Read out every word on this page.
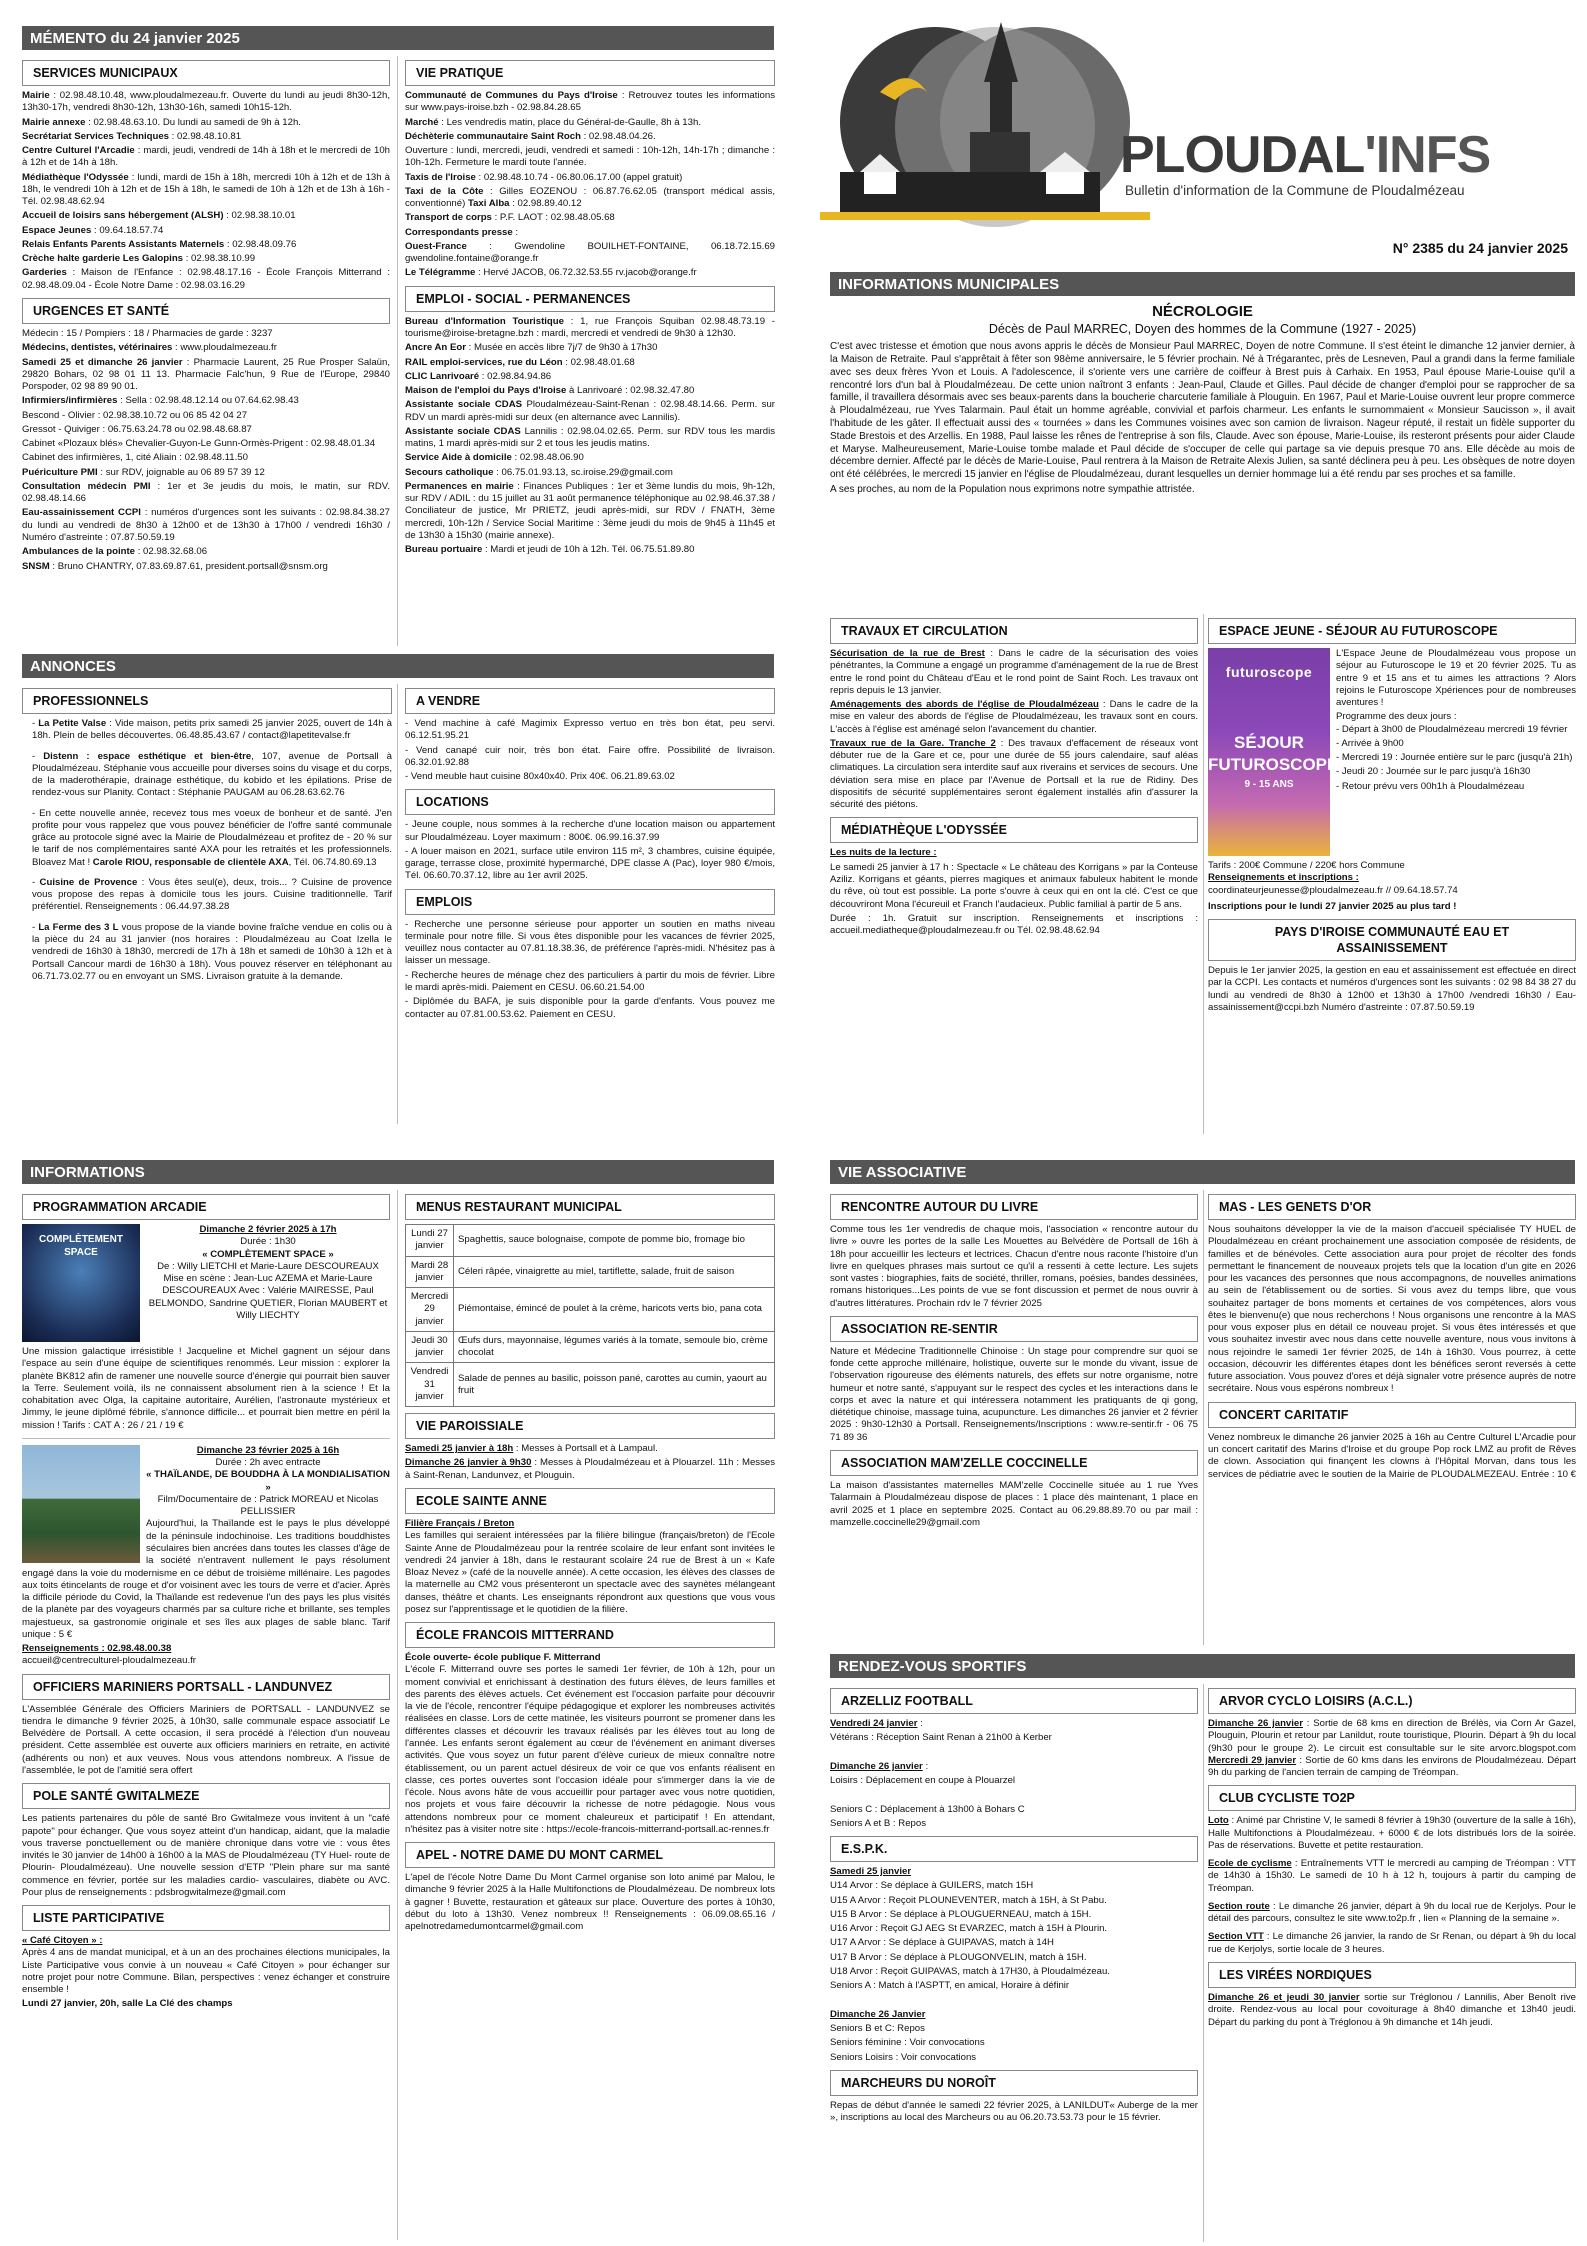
MÉMENTO du 24 janvier 2025
SERVICES MUNICIPAUX
Mairie : 02.98.48.10.48, www.ploudalmezeau.fr. Ouverte du lundi au jeudi 8h30-12h, 13h30-17h, vendredi 8h30-12h, 13h30-16h, samedi 10h15-12h.
Mairie annexe : 02.98.48.63.10. Du lundi au samedi de 9h à 12h.
Secrétariat Services Techniques : 02.98.48.10.81
Centre Culturel l'Arcadie : mardi, jeudi, vendredi de 14h à 18h et le mercredi de 10h à 12h et de 14h à 18h.
Médiathèque l'Odyssée : lundi, mardi de 15h à 18h, mercredi 10h à 12h et de 13h à 18h, le vendredi 10h à 12h et de 15h à 18h, le samedi de 10h à 12h et de 13h à 16h - Tél. 02.98.48.62.94
Accueil de loisirs sans hébergement (ALSH) : 02.98.38.10.01
Espace Jeunes : 09.64.18.57.74
Relais Enfants Parents Assistants Maternels : 02.98.48.09.76
Crèche halte garderie Les Galopins : 02.98.38.10.99
Garderies : Maison de l'Enfance : 02.98.48.17.16 - École François Mitterrand : 02.98.48.09.04 - École Notre Dame : 02.98.03.16.29
URGENCES ET SANTÉ
Médecin : 15 / Pompiers : 18 / Pharmacies de garde : 3237
Médecins, dentistes, vétérinaires : www.ploudalmezeau.fr
Samedi 25 et dimanche 26 janvier : Pharmacie Laurent, 25 Rue Prosper Salaün, 29820 Bohars, 02 98 01 11 13. Pharmacie Falc'hun, 9 Rue de l'Europe, 29840 Porspoder, 02 98 89 90 01.
Infirmiers/infirmières : Sella : 02.98.48.12.14 ou 07.64.62.98.43
Bescond - Olivier : 02.98.38.10.72 ou 06 85 42 04 27
Gressot - Quiviger : 06.75.63.24.78 ou 02.98.48.68.87
Cabinet «Plozaux blés» Chevalier-Guyon-Le Gunn-Ormès-Prigent : 02.98.48.01.34
Cabinet des infirmières, 1, cité Aliain : 02.98.48.11.50
Puériculture PMI : sur RDV, joignable au 06 89 57 39 12
Consultation médecin PMI : 1er et 3e jeudis du mois, le matin, sur RDV. 02.98.48.14.66
Eau-assainissement CCPI : numéros d'urgences sont les suivants : 02.98.84.38.27 du lundi au vendredi de 8h30 à 12h00 et de 13h30 à 17h00 / vendredi 16h30 / Numéro d'astreinte : 07.87.50.59.19
Ambulances de la pointe : 02.98.32.68.06
SNSM : Bruno CHANTRY, 07.83.69.87.61, president.portsall@snsm.org
VIE PRATIQUE
Communauté de Communes du Pays d'Iroise : Retrouvez toutes les informations sur www.pays-iroise.bzh - 02.98.84.28.65
Marché : Les vendredis matin, place du Général-de-Gaulle, 8h à 13h.
Déchèterie communautaire Saint Roch : 02.98.48.04.26.
Ouverture : lundi, mercredi, jeudi, vendredi et samedi : 10h-12h, 14h-17h ; dimanche : 10h-12h. Fermeture le mardi toute l'année.
Taxis de l'Iroise : 02.98.48.10.74 - 06.80.06.17.00 (appel gratuit)
Taxi de la Côte : Gilles EOZENOU : 06.87.76.62.05 (transport médical assis, conventionné) Taxi Alba : 02.98.89.40.12
Transport de corps : P.F. LAOT : 02.98.48.05.68
Correspondants presse :
Ouest-France : Gwendoline BOUILHET-FONTAINE, 06.18.72.15.69 gwendoline.fontaine@orange.fr
Le Télégramme : Hervé JACOB, 06.72.32.53.55 rv.jacob@orange.fr
EMPLOI - SOCIAL - PERMANENCES
Bureau d'Information Touristique : 1, rue François Squiban 02.98.48.73.19 - tourisme@iroise-bretagne.bzh : mardi, mercredi et vendredi de 9h30 à 12h30.
Ancre An Eor : Musée en accès libre 7j/7 de 9h30 à 17h30
RAIL emploi-services, rue du Léon : 02.98.48.01.68
CLIC Lanrivoaré : 02.98.84.94.86
Maison de l'emploi du Pays d'Iroise à Lanrivoaré : 02.98.32.47.80
Assistante sociale CDAS Ploudalmézeau-Saint-Renan : 02.98.48.14.66. Perm. sur RDV un mardi après-midi sur deux (en alternance avec Lannilis).
Assistante sociale CDAS Lannilis : 02.98.04.02.65. Perm. sur RDV tous les mardis matins, 1 mardi après-midi sur 2 et tous les jeudis matins.
Service Aide à domicile : 02.98.48.06.90
Secours catholique : 06.75.01.93.13, sc.iroise.29@gmail.com
Permanences en mairie : Finances Publiques : 1er et 3ème lundis du mois, 9h-12h, sur RDV / ADIL : du 15 juillet au 31 août permanence téléphonique au 02.98.46.37.38 / Conciliateur de justice, Mr PRIETZ, jeudi après-midi, sur RDV / FNATH, 3ème mercredi, 10h-12h / Service Social Maritime : 3ème jeudi du mois de 9h45 à 11h45 et de 13h30 à 15h30 (mairie annexe).
Bureau portuaire : Mardi et jeudi de 10h à 12h. Tél. 06.75.51.89.80
ANNONCES
PROFESSIONNELS
- La Petite Valse : Vide maison, petits prix samedi 25 janvier 2025, ouvert de 14h à 18h. Plein de belles découvertes. 06.48.85.43.67 / contact@lapetitevalse.fr
- Distenn : espace esthétique et bien-être, 107, avenue de Portsall à Ploudalmézeau. Stéphanie vous accueille pour diverses soins du visage et du corps, de la maderothérapie, drainage esthétique, du kobido et les épilations. Prise de rendez-vous sur Planity. Contact : Stéphanie PAUGAM au 06.28.63.62.76
- En cette nouvelle année, recevez tous mes voeux de bonheur et de santé. J'en profite pour vous rappelez que vous pouvez bénéficier de l'offre santé communale grâce au protocole signé avec la Mairie de Ploudalmézeau et profitez de - 20 % sur le tarif de nos complémentaires santé AXA pour les retraités et les professionnels. Bloavez Mat ! Carole RIOU, responsable de clientèle AXA, Tél. 06.74.80.69.13
- Cuisine de Provence : Vous êtes seul(e), deux, trois... ? Cuisine de provence vous propose des repas à domicile tous les jours. Cuisine traditionnelle. Tarif préférentiel. Renseignements : 06.44.97.38.28
- La Ferme des 3 L vous propose de la viande bovine fraîche vendue en colis ou à la pièce du 24 au 31 janvier (nos horaires : Ploudalmézeau au Coat Izella le vendredi de 16h30 à 18h30, mercredi de 17h à 18h et samedi de 10h30 à 12h et à Portsall Cancour mardi de 16h30 à 18h). Vous pouvez réserver en téléphonant au 06.71.73.02.77 ou en envoyant un SMS. Livraison gratuite à la demande.
A VENDRE
- Vend machine à café Magimix Expresso vertuo en très bon état, peu servi. 06.12.51.95.21
- Vend canapé cuir noir, très bon état. Faire offre. Possibilité de livraison. 06.32.01.92.88
- Vend meuble haut cuisine 80x40x40. Prix 40€. 06.21.89.63.02
LOCATIONS
- Jeune couple, nous sommes à la recherche d'une location maison ou appartement sur Ploudalmézeau. Loyer maximum : 800€. 06.99.16.37.99
- A louer maison en 2021, surface utile environ 115 m², 3 chambres, cuisine équipée, garage, terrasse close, proximité hypermarché, DPE classe A (Pac), loyer 980 €/mois, Tél. 06.60.70.37.12, libre au 1er avril 2025.
EMPLOIS
- Recherche une personne sérieuse pour apporter un soutien en maths niveau terminale pour notre fille. Si vous êtes disponible pour les vacances de février 2025, veuillez nous contacter au 07.81.18.38.36, de préférence l'après-midi. N'hésitez pas à laisser un message.
- Recherche heures de ménage chez des particuliers à partir du mois de février. Libre le mardi après-midi. Paiement en CESU. 06.60.21.54.00
- Diplômée du BAFA, je suis disponible pour la garde d'enfants. Vous pouvez me contacter au 07.81.00.53.62. Paiement en CESU.
PLOUDAL'INFS
Bulletin d'information de la Commune de Ploudalmézeau
N° 2385 du 24 janvier 2025
INFORMATIONS MUNICIPALES
NÉCROLOGIE
Décès de Paul MARREC, Doyen des hommes de la Commune (1927 - 2025)
C'est avec tristesse et émotion que nous avons appris le décès de Monsieur Paul MARREC, Doyen de notre Commune. Il s'est éteint le dimanche 12 janvier dernier, à la Maison de Retraite. Paul s'apprêtait à fêter son 98ème anniversaire, le 5 février prochain. Né à Trégarantec, près de Lesneven, Paul a grandi dans la ferme familiale avec ses deux frères Yvon et Louis. A l'adolescence, il s'oriente vers une carrière de coiffeur à Brest puis à Carhaix. En 1953, Paul épouse Marie-Louise qu'il a rencontré lors d'un bal à Ploudalmézeau. De cette union naîtront 3 enfants : Jean-Paul, Claude et Gilles. Paul décide de changer d'emploi pour se rapprocher de sa famille, il travaillera désormais avec ses beaux-parents dans la boucherie charcuterie familiale à Plouguin. En 1967, Paul et Marie-Louise ouvrent leur propre commerce à Ploudalmézeau, rue Yves Talarmain. Paul était un homme agréable, convivial et parfois charmeur. Les enfants le surnommaient « Monsieur Saucisson », il avait l'habitude de les gâter. Il effectuait aussi des « tournées » dans les Communes voisines avec son camion de livraison. Nageur réputé, il restait un fidèle supporter du Stade Brestois et des Arzellis. En 1988, Paul laisse les rênes de l'entreprise à son fils, Claude. Avec son épouse, Marie-Louise, ils resteront présents pour aider Claude et Maryse. Malheureusement, Marie-Louise tombe malade et Paul décide de s'occuper de celle qui partage sa vie depuis presque 70 ans. Elle décède au mois de décembre dernier. Affecté par le décès de Marie-Louise, Paul rentrera à la Maison de Retraite Alexis Julien, sa santé déclinera peu à peu. Les obsèques de notre doyen ont été célébrées, le mercredi 15 janvier en l'église de Ploudalmézeau, durant lesquelles un dernier hommage lui a été rendu par ses proches et sa famille.
A ses proches, au nom de la Population nous exprimons notre sympathie attristée.
TRAVAUX ET CIRCULATION
Sécurisation de la rue de Brest : Dans le cadre de la sécurisation des voies pénétrantes, la Commune a engagé un programme d'aménagement de la rue de Brest entre le rond point du Château d'Eau et le rond point de Saint Roch. Les travaux ont repris depuis le 13 janvier.
Aménagements des abords de l'église de Ploudalmézeau : Dans le cadre de la mise en valeur des abords de l'église de Ploudalmézeau, les travaux sont en cours. L'accès à l'église est aménagé selon l'avancement du chantier.
Travaux rue de la Gare. Tranche 2 : Des travaux d'effacement de réseaux vont débuter rue de la Gare et ce, pour une durée de 55 jours calendaire, sauf aléas climatiques. La circulation sera interdite sauf aux riverains et services de secours. Une déviation sera mise en place par l'Avenue de Portsall et la rue de Ridiny. Des dispositifs de sécurité supplémentaires seront également installés afin d'assurer la sécurité des piétons.
MÉDIATHÈQUE L'ODYSSÉE
Les nuits de la lecture :
Le samedi 25 janvier à 17 h : Spectacle « Le château des Korrigans » par la Conteuse Aziliz. Korrigans et géants, pierres magiques et animaux fabuleux habitent le monde du rêve, où tout est possible. La porte s'ouvre à ceux qui en ont la clé. C'est ce que découvriront Mona l'écureuil et Franch l'audacieux. Public familial à partir de 5 ans.
Durée : 1h. Gratuit sur inscription. Renseignements et inscriptions : accueil.mediatheque@ploudalmezeau.fr ou Tél. 02.98.48.62.94
ESPACE JEUNE - SÉJOUR AU FUTUROSCOPE
futuroscope
SÉJOUR FUTUROSCOPE
9 - 15 ANS
L'Espace Jeune de Ploudalmézeau vous propose un séjour au Futuroscope le 19 et 20 février 2025. Tu as entre 9 et 15 ans et tu aimes les attractions ? Alors rejoins le Futuroscope Xpériences pour de nombreuses aventures !
Programme des deux jours :
- Départ à 3h00 de Ploudalmézeau mercredi 19 février
- Arrivée à 9h00
- Mercredi 19 : Journée entière sur le parc (jusqu'à 21h)
- Jeudi 20 : Journée sur le parc jusqu'à 16h30
- Retour prévu vers 00h1h à Ploudalmézeau
Tarifs : 200€ Commune / 220€ hors Commune
Renseignements et inscriptions :
coordinateurjeunesse@ploudalmezeau.fr // 09.64.18.57.74
Inscriptions pour le lundi 27 janvier 2025 au plus tard !
PAYS D'IROISE COMMUNAUTÉ EAU ET ASSAINISSEMENT
Depuis le 1er janvier 2025, la gestion en eau et assainissement est effectuée en direct par la CCPI. Les contacts et numéros d'urgences sont les suivants : 02 98 84 38 27 du lundi au vendredi de 8h30 à 12h00 et 13h30 à 17h00 /vendredi 16h30 / Eau-assainissement@ccpi.bzh Numéro d'astreinte : 07.87.50.59.19
INFORMATIONS
PROGRAMMATION ARCADIE
COMPLÈTEMENT SPACE
Dimanche 2 février 2025 à 17h
Durée : 1h30
« COMPLÈTEMENT SPACE »
De : Willy LIETCHI et Marie-Laure DESCOUREAUX Mise en scène : Jean-Luc AZEMA et Marie-Laure DESCOUREAUX Avec : Valérie MAIRESSE, Paul BELMONDO, Sandrine QUETIER, Florian MAUBERT et Willy LIECHTY
Une mission galactique irrésistible ! Jacqueline et Michel gagnent un séjour dans l'espace au sein d'une équipe de scientifiques renommés. Leur mission : explorer la planète BK812 afin de ramener une nouvelle source d'énergie qui pourrait bien sauver la Terre. Seulement voilà, ils ne connaissent absolument rien à la science ! Et la cohabitation avec Olga, la capitaine autoritaire, Aurélien, l'astronaute mystérieux et Jimmy, le jeune diplômé fébrile, s'annonce difficile... et pourrait bien mettre en péril la mission ! Tarifs : CAT A : 26 / 21 / 19 €
Dimanche 23 février 2025 à 16h
Durée : 2h avec entracte
« THAÏLANDE, DE BOUDDHA À LA MONDIALISATION »
Film/Documentaire de : Patrick MOREAU et Nicolas PELLISSIER
Aujourd'hui, la Thaïlande est le pays le plus développé de la péninsule indochinoise. Les traditions bouddhistes séculaires bien ancrées dans toutes les classes d'âge de la société n'entravent nullement le pays résolument engagé dans la voie du modernisme en ce début de troisième millénaire. Les pagodes aux toits étincelants de rouge et d'or voisinent avec les tours de verre et d'acier. Après la difficile période du Covid, la Thaïlande est redevenue l'un des pays les plus visités de la planète par des voyageurs charmés par sa culture riche et brillante, ses temples majestueux, sa gastronomie originale et ses îles aux plages de sable blanc. Tarif unique : 5 €
Renseignements : 02.98.48.00.38
accueil@centreculturel-ploudalmezeau.fr
OFFICIERS MARINIERS PORTSALL - LANDUNVEZ
L'Assemblée Générale des Officiers Mariniers de PORTSALL - LANDUNVEZ se tiendra le dimanche 9 février 2025, à 10h30, salle communale espace associatif Le Belvédère de Portsall. A cette occasion, il sera procédé à l'élection d'un nouveau président. Cette assemblée est ouverte aux officiers mariniers en retraite, en activité (adhérents ou non) et aux veuves. Nous vous attendons nombreux. A l'issue de l'assemblée, le pot de l'amitié sera offert
POLE SANTÉ GWITALMEZE
Les patients partenaires du pôle de santé Bro Gwitalmeze vous invitent à un "café papote" pour échanger. Que vous soyez atteint d'un handicap, aidant, que la maladie vous traverse ponctuellement ou de manière chronique dans votre vie : vous êtes invités le 30 janvier de 14h00 à 16h00 à la MAS de Ploudalmézeau (TY Huel- route de Plourin- Ploudalmézeau). Une nouvelle session d'ETP "Plein phare sur ma santé commence en février, portée sur les maladies cardio- vasculaires, diabète ou AVC. Pour plus de renseignements : pdsbrogwitalmeze@gmail.com
LISTE PARTICIPATIVE
« Café Citoyen » :
Après 4 ans de mandat municipal, et à un an des prochaines élections municipales, la Liste Participative vous convie à un nouveau « Café Citoyen » pour échanger sur notre projet pour notre Commune. Bilan, perspectives : venez échanger et construire ensemble !
Lundi 27 janvier, 20h, salle La Clé des champs
MENUS RESTAURANT MUNICIPAL
Lundi 27 janvier	Spaghettis, sauce bolognaise, compote de pomme bio, fromage bio
Mardi 28 janvier	Céleri râpée, vinaigrette au miel, tartiflette, salade, fruit de saison
Mercredi 29 janvier	Piémontaise, émincé de poulet à la crème, haricots verts bio, pana cota
Jeudi 30 janvier	Œufs durs, mayonnaise, légumes variés à la tomate, semoule bio, crème chocolat
Vendredi 31 janvier	Salade de pennes au basilic, poisson pané, carottes au cumin, yaourt au fruit
VIE PAROISSIALE
Samedi 25 janvier à 18h : Messes à Portsall et à Lampaul.
Dimanche 26 janvier à 9h30 : Messes à Ploudalmézeau et à Plouarzel. 11h : Messes à Saint-Renan, Landunvez, et Plouguin.
ECOLE SAINTE ANNE
Filière Français / Breton
Les familles qui seraient intéressées par la filière bilingue (français/breton) de l'Ecole Sainte Anne de Ploudalmézeau pour la rentrée scolaire de leur enfant sont invitées le vendredi 24 janvier à 18h, dans le restaurant scolaire 24 rue de Brest à un « Kafe Bloaz Nevez » (café de la nouvelle année). A cette occasion, les élèves des classes de la maternelle au CM2 vous présenteront un spectacle avec des saynètes mélangeant danses, théâtre et chants. Les enseignants répondront aux questions que vous vous posez sur l'apprentissage et le quotidien de la filière.
ÉCOLE FRANCOIS MITTERRAND
École ouverte- école publique F. Mitterrand
L'école F. Mitterrand ouvre ses portes le samedi 1er février, de 10h à 12h, pour un moment convivial et enrichissant à destination des futurs élèves, de leurs familles et des parents des élèves actuels. Cet événement est l'occasion parfaite pour découvrir la vie de l'école, rencontrer l'équipe pédagogique et explorer les nombreuses activités réalisées en classe. Lors de cette matinée, les visiteurs pourront se promener dans les différentes classes et découvrir les travaux réalisés par les élèves tout au long de l'année. Les enfants seront également au cœur de l'événement en animant diverses activités. Que vous soyez un futur parent d'élève curieux de mieux connaître notre établissement, ou un parent actuel désireux de voir ce que vos enfants réalisent en classe, ces portes ouvertes sont l'occasion idéale pour s'immerger dans la vie de l'école. Nous avons hâte de vous accueillir pour partager avec vous notre quotidien, nos projets et vous faire découvrir la richesse de notre pédagogie. Nous vous attendons nombreux pour ce moment chaleureux et participatif ! En attendant, n'hésitez pas à visiter notre site : https://ecole-francois-mitterrand-portsall.ac-rennes.fr
APEL - NOTRE DAME DU MONT CARMEL
L'apel de l'école Notre Dame Du Mont Carmel organise son loto animé par Malou, le dimanche 9 février 2025 à la Halle Multifonctions de Ploudalmézeau. De nombreux lots à gagner ! Buvette, restauration et gâteaux sur place. Ouverture des portes à 10h30, début du loto à 13h30. Venez nombreux !! Renseignements : 06.09.08.65.16 / apelnotredamedumontcarmel@gmail.com
VIE ASSOCIATIVE
RENCONTRE AUTOUR DU LIVRE
Comme tous les 1er vendredis de chaque mois, l'association « rencontre autour du livre » ouvre les portes de la salle Les Mouettes au Belvédère de Portsall de 16h à 18h pour accueillir les lecteurs et lectrices. Chacun d'entre nous raconte l'histoire d'un livre en quelques phrases mais surtout ce qu'il a ressenti à cette lecture. Les sujets sont vastes : biographies, faits de société, thriller, romans, poésies, bandes dessinées, romans historiques...Les points de vue se font discussion et permet de nous ouvrir à d'autres littératures. Prochain rdv le 7 février 2025
ASSOCIATION RE-SENTIR
Nature et Médecine Traditionnelle Chinoise : Un stage pour comprendre sur quoi se fonde cette approche millénaire, holistique, ouverte sur le monde du vivant, issue de l'observation rigoureuse des éléments naturels, des effets sur notre organisme, notre humeur et notre santé, s'appuyant sur le respect des cycles et les interactions dans le corps et avec la nature et qui intéressera notamment les pratiquants de qi gong, diététique chinoise, massage tuina, acupuncture. Les dimanches 26 janvier et 2 février 2025 : 9h30-12h30 à Portsall. Renseignements/Inscriptions : www.re-sentir.fr - 06 75 71 89 36
ASSOCIATION MAM'ZELLE COCCINELLE
La maison d'assistantes maternelles MAM'zelle Coccinelle située au 1 rue Yves Talarmain à Ploudalmézeau dispose de places : 1 place dès maintenant, 1 place en avril 2025 et 1 place en septembre 2025. Contact au 06.29.88.89.70 ou par mail : mamzelle.coccinelle29@gmail.com
MAS - LES GENETS D'OR
Nous souhaitons développer la vie de la maison d'accueil spécialisée TY HUEL de Ploudalmézeau en créant prochainement une association composée de résidents, de familles et de bénévoles. Cette association aura pour projet de récolter des fonds permettant le financement de nouveaux projets tels que la location d'un gite en 2026 pour les vacances des personnes que nous accompagnons, de nouvelles animations au sein de l'établissement ou de sorties. Si vous avez du temps libre, que vous souhaitez partager de bons moments et certaines de vos compétences, alors vous êtes le bienvenu(e) que nous recherchons ! Nous organisons une rencontre à la MAS pour vous exposer plus en détail ce nouveau projet. Si vous êtes intéressés et que vous souhaitez investir avec nous dans cette nouvelle aventure, nous vous invitons à nous rejoindre le samedi 1er février 2025, de 14h à 16h30. Vous pourrez, à cette occasion, découvrir les différentes étapes dont les bénéfices seront reversés à cette future association. Vous pouvez d'ores et déjà signaler votre présence auprès de notre secrétaire. Nous vous espérons nombreux !
CONCERT CARITATIF
Venez nombreux le dimanche 26 janvier 2025 à 16h au Centre Culturel L'Arcadie pour un concert caritatif des Marins d'Iroise et du groupe Pop rock LMZ au profit de Rêves de clown. Association qui finançent les clowns à l'Hôpital Morvan, dans tous les services de pédiatrie avec le soutien de la Mairie de PLOUDALMEZEAU. Entrée : 10 €
RENDEZ-VOUS SPORTIFS
ARZELLIZ FOOTBALL
Vendredi 24 janvier :
Vétérans : Réception Saint Renan à 21h00 à Kerber

Dimanche 26 janvier :
Loisirs : Déplacement en coupe à Plouarzel

Seniors C : Déplacement à 13h00 à Bohars C
Seniors A et B : Repos
E.S.P.K.
Samedi 25 janvier
U14 Arvor : Se déplace à GUILERS, match 15H
U15 A Arvor : Reçoit PLOUNEVENTER, match à 15H, à St Pabu.
U15 B Arvor : Se déplace à PLOUGUERNEAU, match à 15H.
U16 Arvor : Reçoit GJ AEG St EVARZEC, match à 15H à Plourin.
U17 A Arvor : Se déplace à GUIPAVAS, match à 14H
U17 B Arvor : Se déplace à PLOUGONVELIN, match à 15H.
U18 Arvor : Reçoit GUIPAVAS, match à 17H30, à Ploudalmézeau.
Seniors A : Match à l'ASPTT, en amical, Horaire à définir

Dimanche 26 Janvier
Seniors B et C: Repos
Seniors féminine : Voir convocations
Seniors Loisirs : Voir convocations
MARCHEURS DU NOROÎT
Repas de début d'année le samedi 22 février 2025, à LANILDUT« Auberge de la mer », inscriptions au local des Marcheurs ou au 06.20.73.53.73 pour le 15 février.
ARVOR CYCLO LOISIRS (A.C.L.)
Dimanche 26 janvier : Sortie de 68 kms en direction de Brélès, via Corn Ar Gazel, Plouguin, Plourin et retour par Lanildut, route touristique, Plourin. Départ à 9h du local (9h30 pour le groupe 2). Le circuit est consultable sur le site arvorc.blogspot.com Mercredi 29 janvier : Sortie de 60 kms dans les environs de Ploudalmézeau. Départ 9h du parking de l'ancien terrain de camping de Tréompan.
CLUB CYCLISTE TO2P
Loto : Animé par Christine V, le samedi 8 février à 19h30 (ouverture de la salle à 16h), Halle Multifonctions à Ploudalmézeau. + 6000 € de lots distribués lors de la soirée. Pas de réservations. Buvette et petite restauration.
Ecole de cyclisme : Entraînements VTT le mercredi au camping de Tréompan : VTT de 14h30 à 15h30. Le samedi de 10 h à 12 h, toujours à partir du camping de Tréompan.
Section route : Le dimanche 26 janvier, départ à 9h du local rue de Kerjolys. Pour le détail des parcours, consultez le site www.to2p.fr , lien « Planning de la semaine ».
Section VTT : Le dimanche 26 janvier, la rando de Sr Renan, ou départ à 9h du local rue de Kerjolys, sortie locale de 3 heures.
LES VIRÉES NORDIQUES
Dimanche 26 et jeudi 30 janvier sortie sur Tréglonou / Lannilis, Aber Benoît rive droite. Rendez-vous au local pour covoiturage à 8h40 dimanche et 13h40 jeudi. Départ du parking du pont à Tréglonou à 9h dimanche et 14h jeudi.
